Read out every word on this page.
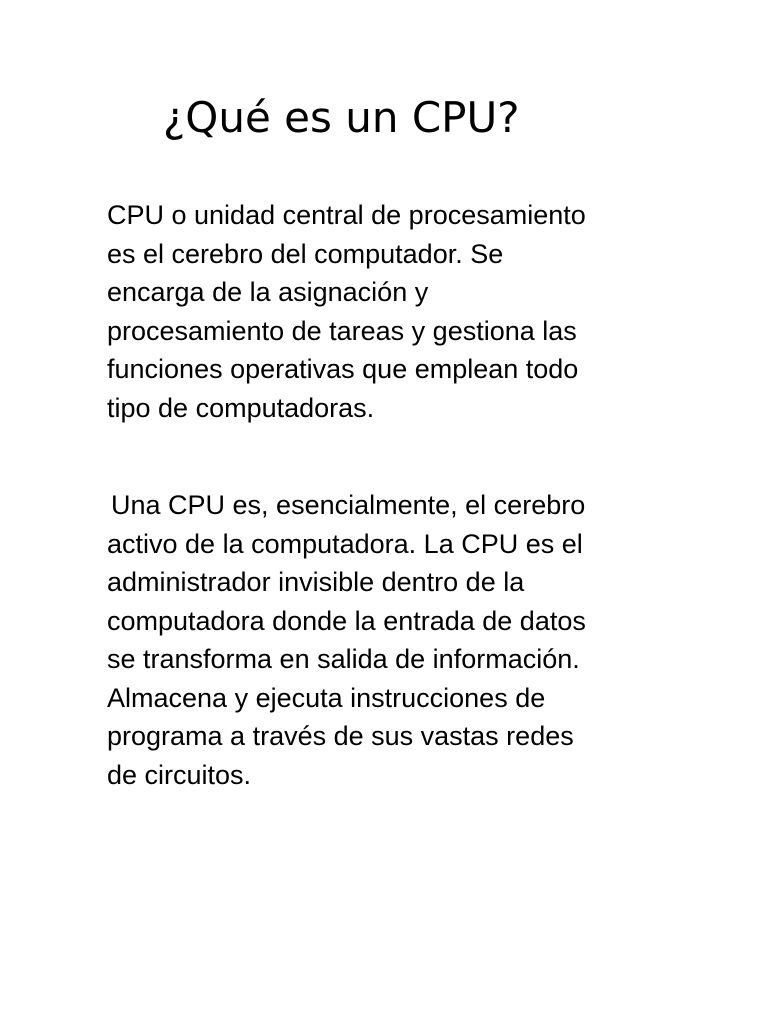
¿Qué es un CPU?
CPU o unidad central de procesamiento
es el cerebro del computador. Se
encarga de la asignación y
procesamiento de tareas y gestiona las
funciones operativas que emplean todo
tipo de computadoras.
Una CPU es, esencialmente, el cerebro
activo de la computadora. La CPU es el
administrador invisible dentro de la
computadora donde la entrada de datos
se transforma en salida de información.
Almacena y ejecuta instrucciones de
programa a través de sus vastas redes
de circuitos.
